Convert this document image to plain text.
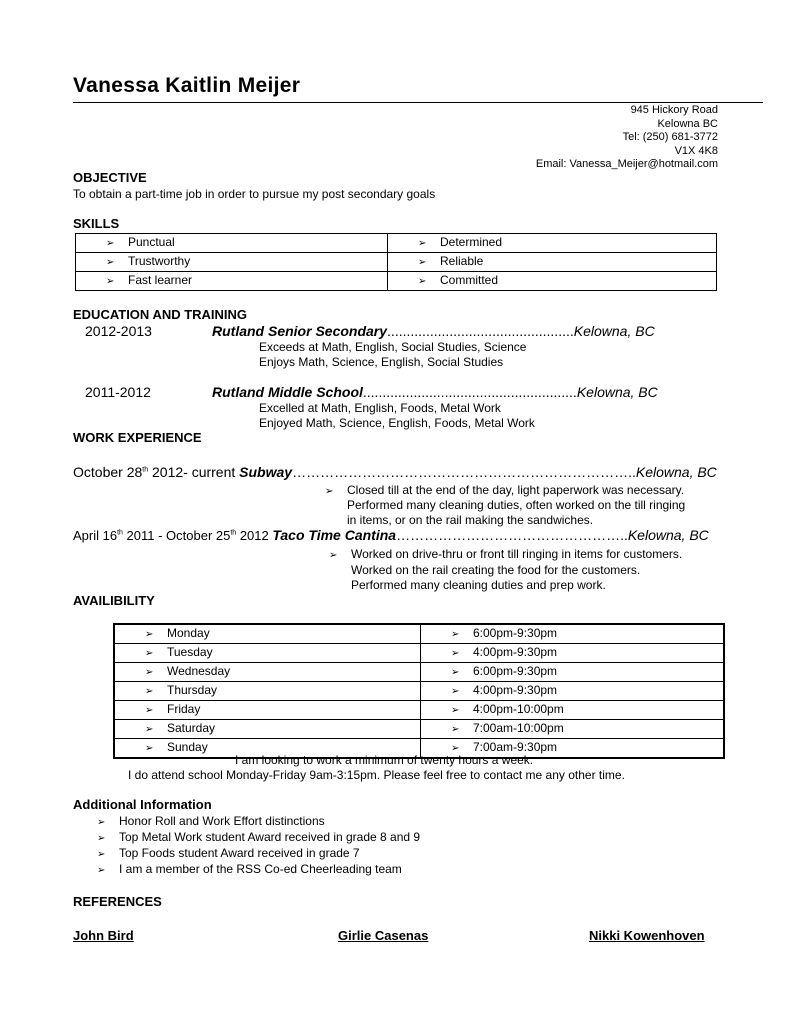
Vanessa Kaitlin Meijer
945 Hickory Road
Kelowna BC
Tel: (250) 681-3772
V1X 4K8
Email: Vanessa_Meijer@hotmail.com
OBJECTIVE
To obtain a part-time job in order to pursue my post secondary goals
SKILLS
➢ Punctual	➢ Determined
➢ Trustworthy	➢ Reliable
➢ Fast learner	➢ Committed
EDUCATION AND TRAINING
2012-2013	Rutland Senior Secondary................................................Kelowna, BC
Exceeds at Math, English, Social Studies, Science
Enjoys Math, Science, English, Social Studies
2011-2012	Rutland Middle School.......................................................Kelowna, BC
Excelled at Math, English, Foods, Metal Work
Enjoyed Math, Science, English, Foods, Metal Work
WORK EXPERIENCE
October 28th 2012- current Subway………………………………………………………………..Kelowna, BC
➢ Closed till at the end of the day, light paperwork was necessary.
Performed many cleaning duties, often worked on the till ringing
in items, or on the rail making the sandwiches.
April 16th 2011 - October 25th 2012 Taco Time Cantina…………………………………………..Kelowna, BC
➢ Worked on drive-thru or front till ringing in items for customers.
Worked on the rail creating the food for the customers.
Performed many cleaning duties and prep work.
AVAILIBILITY
➢ Monday	➢ 6:00pm-9:30pm
➢ Tuesday	➢ 4:00pm-9:30pm
➢ Wednesday	➢ 6:00pm-9:30pm
➢ Thursday	➢ 4:00pm-9:30pm
➢ Friday	➢ 4:00pm-10:00pm
➢ Saturday	➢ 7:00am-10:00pm
➢ Sunday	➢ 7:00am-9:30pm
I am looking to work a minimum of twenty hours a week.
I do attend school Monday-Friday 9am-3:15pm. Please feel free to contact me any other time.
Additional Information
➢ Honor Roll and Work Effort distinctions
➢ Top Metal Work student Award received in grade 8 and 9
➢ Top Foods student Award received in grade 7
➢ I am a member of the RSS Co-ed Cheerleading team
REFERENCES
John Bird	Girlie Casenas	Nikki Kowenhoven
